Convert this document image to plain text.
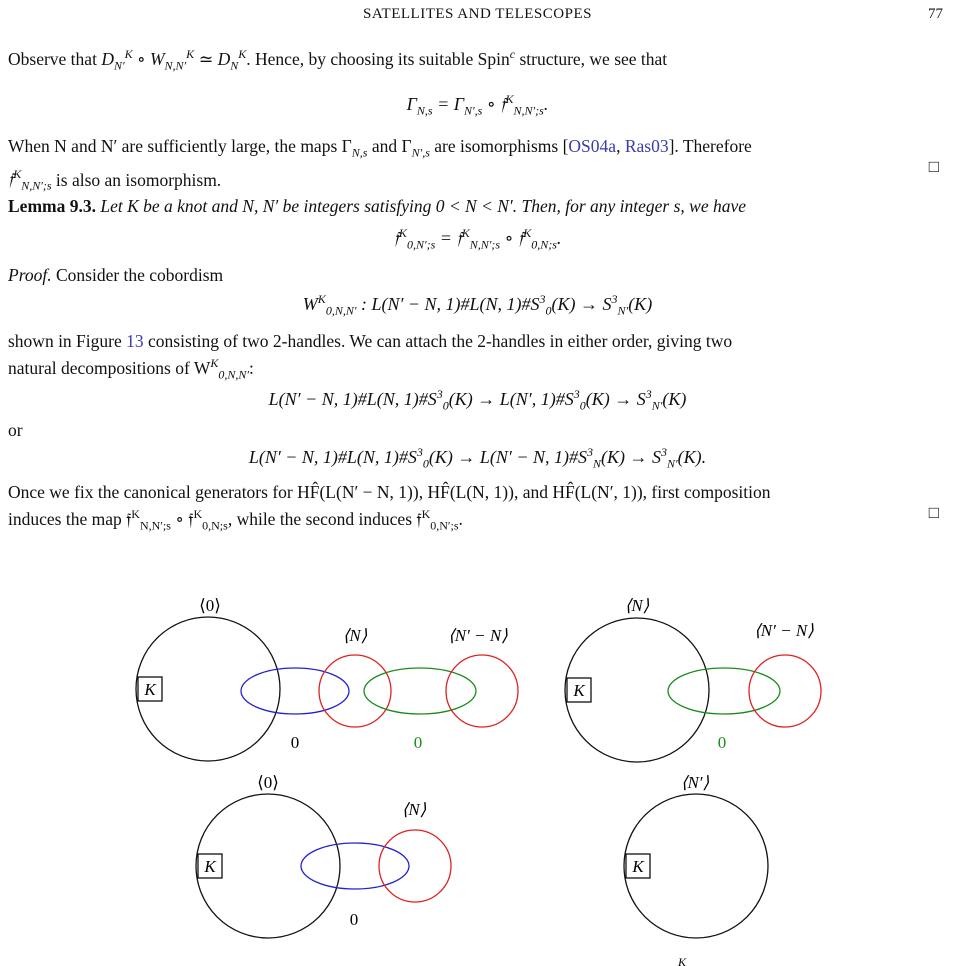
SATELLITES AND TELESCOPES	77
Observe that $D_{N'}^K$ ∘ $W_{N,N'}^K$ ≃ $D_N^K$. Hence, by choosing its suitable Spin$^c$ structure, we see that
$\Gamma_{N,s} = \Gamma_{N',s}$ ∘ 𝔣$^K_{N,N';s}$.
When N and N′ are sufficiently large, the maps $\Gamma_{N,s}$ and $\Gamma_{N',s}$ are isomorphisms [OS04a, Ras03]. Therefore
𝔣$^K_{N,N';s}$ is also an isomorphism.
□
Lemma 9.3. Let K be a knot and N, N′ be integers satisfying 0 < N < N′. Then, for any integer s, we have
𝔣$^K_{0,N';s}$ = 𝔣$^K_{N,N';s}$ ∘ 𝔣$^K_{0,N;s}$.
Proof. Consider the cobordism
$W^K_{0,N,N'}$ : L(N′ − N, 1)#L(N, $1)\#S^3_0(K) \to S^3_{N'}(K)$
shown in Figure 13 consisting of two 2-handles. We can attach the 2-handles in either order, giving two
natural decompositions of $W^K_{0,N,N'}$:
L(N′ − N, 1)#L(N, $1)\#S^3_0(K) \to L(N'$, $1)\#S^3_0(K) \to S^3_{N'}(K)$
or
L(N′ − N, 1)#L(N, $1)\#S^3_0(K) \to L(N' - N$, $1)\#S^3_N(K) \to S^3_{N'}(K)$.
Once we fix the canonical generators for HF̂(L(N′ − N, 1)), HF̂(L(N, 1)), and HF̂(L(N′, 1)), first composition
induces the map 𝔣$^K_{N,N';s}$ ∘ 𝔣$^K_{0,N;s}$, while the second induces 𝔣$^K_{0,N';s}$.	□
K
⟨0⟩
⟨N⟩	⟨N′ − N⟩
0	0
K
⟨N⟩
⟨N′ − N⟩
0
K
⟨0⟩
⟨N⟩
0
K
⟨N′⟩
K
